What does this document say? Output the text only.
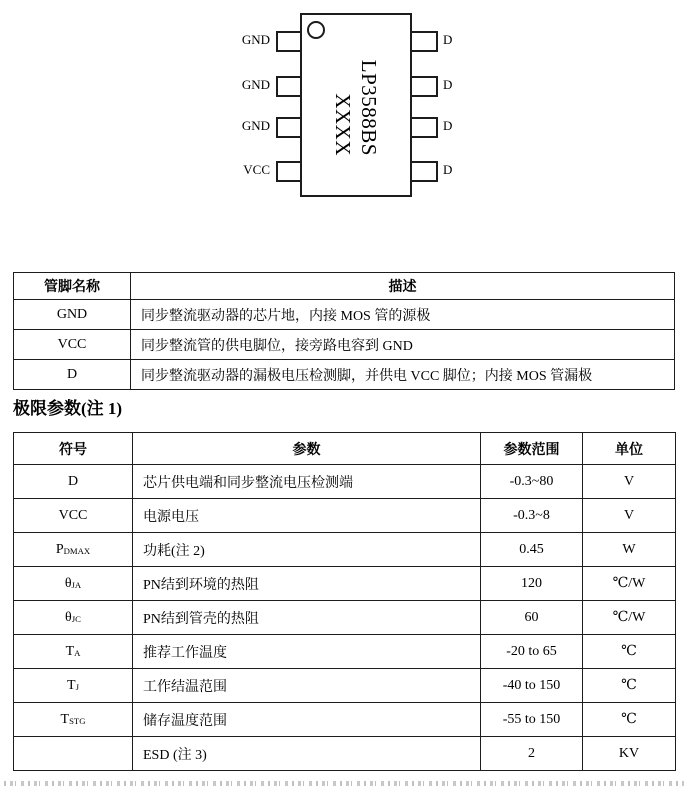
LP3588BS
XXXX
GND
GND
GND
VCC
D
D
D
D
管脚名称	描述
GND	同步整流驱动器的芯片地，内接 MOS 管的源极
VCC	同步整流管的供电脚位，接旁路电容到 GND
D	同步整流驱动器的漏极电压检测脚，并供电 VCC 脚位；内接 MOS 管漏极
极限参数(注 1)
符号	参数	参数范围	单位
D	芯片供电端和同步整流电压检测端	-0.3~80	V
VCC	电源电压	-0.3~8	V
$P_{DMAX}$	功耗(注 2)	0.45	W
$\theta_{JA}$	PN结到环境的热阻	120	℃/W
$\theta_{JC}$	PN结到管壳的热阻	60	℃/W
$T_A$	推荐工作温度	-20 to 65	℃
$T_J$	工作结温范围	-40 to 150	℃
$T_{STG}$	储存温度范围	-55 to 150	℃
	ESD (注 3)	2	KV
